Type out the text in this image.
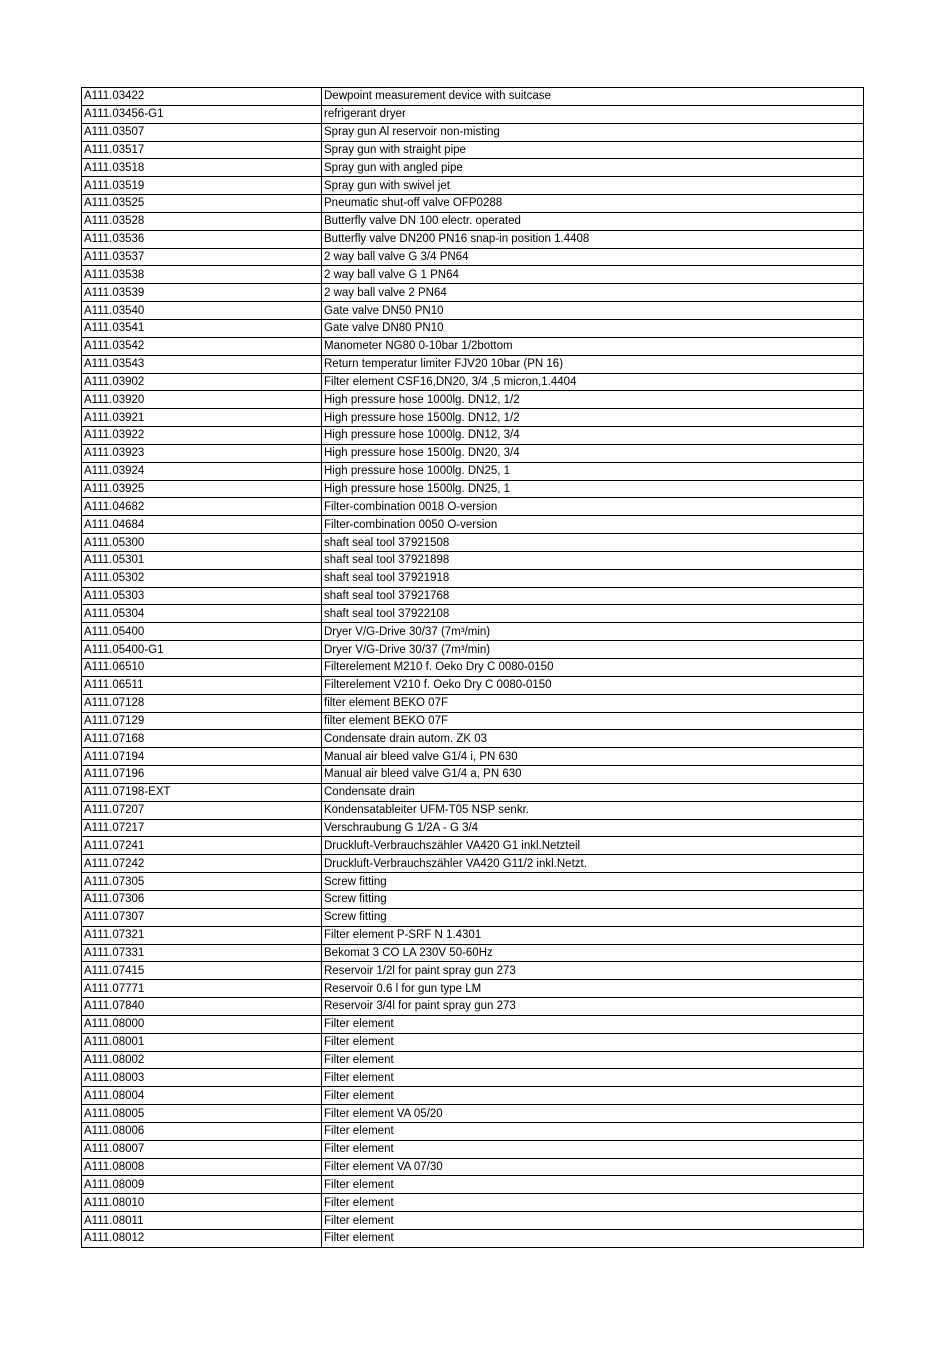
A111.03422	Dewpoint measurement device with suitcase
A111.03456-G1	refrigerant dryer
A111.03507	Spray gun Al reservoir non-misting
A111.03517	Spray gun with straight pipe
A111.03518	Spray gun with angled pipe
A111.03519	Spray gun with swivel jet
A111.03525	Pneumatic shut-off valve OFP0288
A111.03528	Butterfly valve DN 100 electr. operated
A111.03536	Butterfly valve DN200 PN16 snap-in position 1.4408
A111.03537	2 way ball valve G 3/4 PN64
A111.03538	2 way ball valve G 1 PN64
A111.03539	2 way ball valve 2 PN64
A111.03540	Gate valve DN50 PN10
A111.03541	Gate valve DN80 PN10
A111.03542	Manometer NG80 0-10bar 1/2bottom
A111.03543	Return temperatur limiter FJV20 10bar (PN 16)
A111.03902	Filter element CSF16,DN20, 3/4 ,5 micron,1.4404
A111.03920	High pressure hose 1000lg. DN12, 1/2
A111.03921	High pressure hose 1500lg. DN12, 1/2
A111.03922	High pressure hose 1000lg. DN12, 3/4
A111.03923	High pressure hose 1500lg. DN20, 3/4
A111.03924	High pressure hose 1000lg. DN25, 1
A111.03925	High pressure hose 1500lg. DN25, 1
A111.04682	Filter-combination 0018 O-version
A111.04684	Filter-combination 0050 O-version
A111.05300	shaft seal tool 37921508
A111.05301	shaft seal tool 37921898
A111.05302	shaft seal tool 37921918
A111.05303	shaft seal tool 37921768
A111.05304	shaft seal tool 37922108
A111.05400	Dryer V/G-Drive 30/37 (7m³/min)
A111.05400-G1	Dryer V/G-Drive 30/37 (7m³/min)
A111.06510	Filterelement M210 f. Oeko Dry C 0080-0150
A111.06511	Filterelement V210 f. Oeko Dry C 0080-0150
A111.07128	filter element BEKO 07F
A111.07129	filter element BEKO 07F
A111.07168	Condensate drain autom. ZK 03
A111.07194	Manual air bleed valve G1/4 i, PN 630
A111.07196	Manual air bleed valve G1/4 a, PN 630
A111.07198-EXT	Condensate drain
A111.07207	Kondensatableiter UFM-T05 NSP senkr.
A111.07217	Verschraubung G 1/2A - G 3/4
A111.07241	Druckluft-Verbrauchszähler VA420 G1 inkl.Netzteil
A111.07242	Druckluft-Verbrauchszähler VA420 G11/2 inkl.Netzt.
A111.07305	Screw fitting
A111.07306	Screw fitting
A111.07307	Screw fitting
A111.07321	Filter element P-SRF N 1.4301
A111.07331	Bekomat 3 CO LA 230V 50-60Hz
A111.07415	Reservoir 1/2l for paint spray gun 273
A111.07771	Reservoir 0.6 l for gun type LM
A111.07840	Reservoir 3/4l for paint spray gun 273
A111.08000	Filter element
A111.08001	Filter element
A111.08002	Filter element
A111.08003	Filter element
A111.08004	Filter element
A111.08005	Filter element VA 05/20
A111.08006	Filter element
A111.08007	Filter element
A111.08008	Filter element VA 07/30
A111.08009	Filter element
A111.08010	Filter element
A111.08011	Filter element
A111.08012	Filter element
